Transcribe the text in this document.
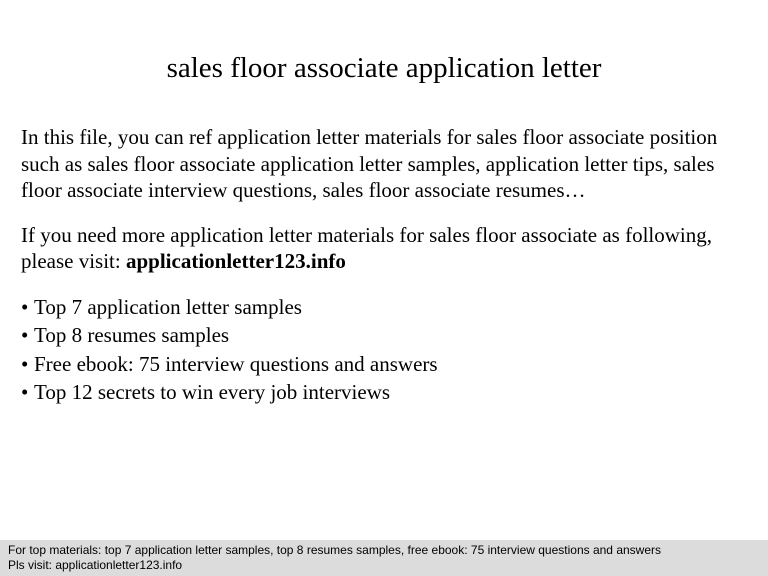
sales floor associate application letter

In this file, you can ref application letter materials for sales floor associate position

such as sales floor associate application letter samples, application letter tips, sales

floor associate interview questions, sales floor associate resumes…

If you need more application letter materials for sales floor associate as following,

please visit: applicationletter123.info

• Top 7 application letter samples
• Top 8 resumes samples
• Free ebook: 75 interview questions and answers
• Top 12 secrets to win every job interviews
For top materials: top 7 application letter samples, top 8 resumes samples, free ebook: 75 interview questions and answers
Pls visit: applicationletter123.info
